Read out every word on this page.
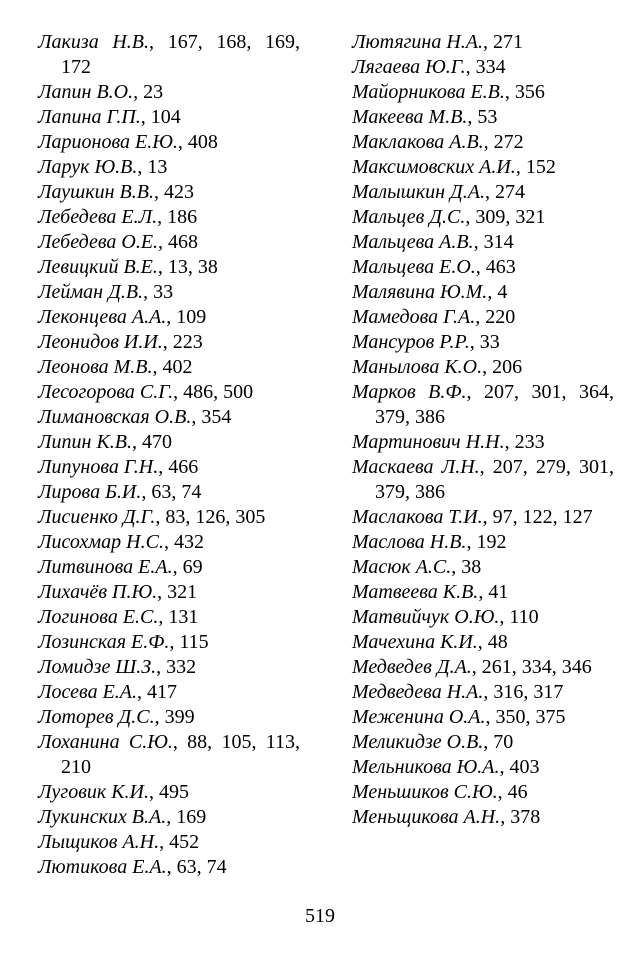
Лакиза Н.В., 167, 168, 169, 172
Лапин В.О., 23
Лапина Г.П., 104
Ларионова Е.Ю., 408
Ларук Ю.В., 13
Лаушкин В.В., 423
Лебедева Е.Л., 186
Лебедева О.Е., 468
Левицкий В.Е., 13, 38
Лейман Д.В., 33
Леконцева А.А., 109
Леонидов И.И., 223
Леонова М.В., 402
Лесогорова С.Г., 486, 500
Лимановская О.В., 354
Липин К.В., 470
Липунова Г.Н., 466
Лирова Б.И., 63, 74
Лисиенко Д.Г., 83, 126, 305
Лисохмар Н.С., 432
Литвинова Е.А., 69
Лихачёв П.Ю., 321
Логинова Е.С., 131
Лозинская Е.Ф., 115
Ломидзе Ш.З., 332
Лосева Е.А., 417
Лоторев Д.С., 399
Лоханина С.Ю., 88, 105, 113, 210
Луговик К.И., 495
Лукинских В.А., 169
Лыщиков А.Н., 452
Лютикова Е.А., 63, 74
Лютягина Н.А., 271
Лягаева Ю.Г., 334
Майорникова Е.В., 356
Макеева М.В., 53
Маклакова А.В., 272
Максимовских А.И., 152
Малышкин Д.А., 274
Мальцев Д.С., 309, 321
Мальцева А.В., 314
Мальцева Е.О., 463
Малявина Ю.М., 4
Мамедова Г.А., 220
Мансуров Р.Р., 33
Манылова К.О., 206
Марков В.Ф., 207, 301, 364, 379, 386
Мартинович Н.Н., 233
Маскаева Л.Н., 207, 279, 301, 379, 386
Маслакова Т.И., 97, 122, 127
Маслова Н.В., 192
Масюк А.С., 38
Матвеева К.В., 41
Матвийчук О.Ю., 110
Мачехина К.И., 48
Медведев Д.А., 261, 334, 346
Медведева Н.А., 316, 317
Меженина О.А., 350, 375
Меликидзе О.В., 70
Мельникова Ю.А., 403
Меньшиков С.Ю., 46
Меньщикова А.Н., 378
519
